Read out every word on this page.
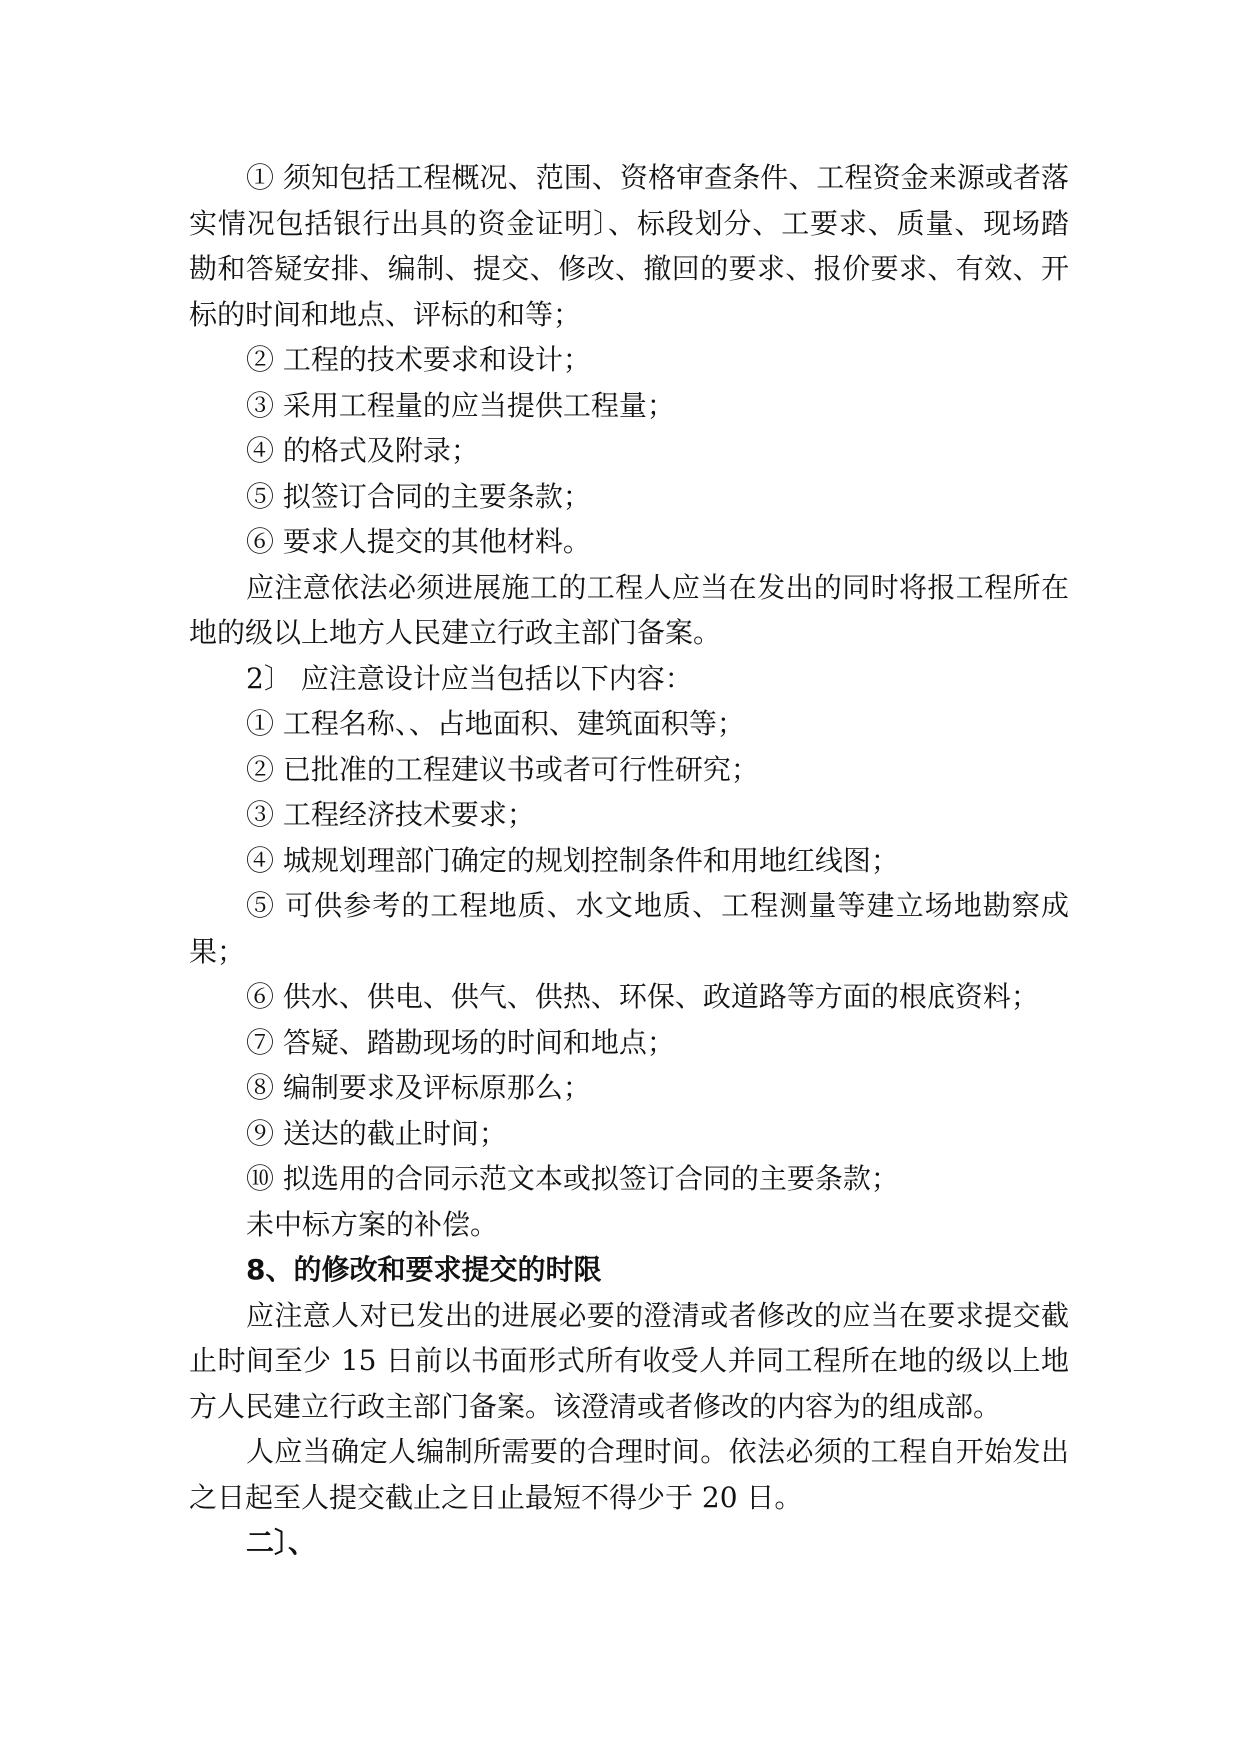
① 须知包括工程概况、范围、资格审查条件、工程资金来源或者落实情况包括银行出具的资金证明〕、标段划分、工要求、质量、现场踏勘和答疑安排、编制、提交、修改、撤回的要求、报价要求、有效、开标的时间和地点、评标的和等；

② 工程的技术要求和设计；

③ 采用工程量的应当提供工程量；

④ 的格式及附录；

⑤ 拟签订合同的主要条款；

⑥ 要求人提交的其他材料。

应注意依法必须进展施工的工程人应当在发出的同时将报工程所在地的级以上地方人民建立行政主部门备案。

2〕 应注意设计应当包括以下内容：

① 工程名称、、占地面积、建筑面积等；

② 已批准的工程建议书或者可行性研究；

③ 工程经济技术要求；

④ 城规划理部门确定的规划控制条件和用地红线图；

⑤ 可供参考的工程地质、水文地质、工程测量等建立场地勘察成果；

⑥ 供水、供电、供气、供热、环保、政道路等方面的根底资料；

⑦ 答疑、踏勘现场的时间和地点；

⑧ 编制要求及评标原那么；

⑨ 送达的截止时间；

⑩ 拟选用的合同示范文本或拟签订合同的主要条款；

未中标方案的补偿。

8、的修改和要求提交的时限

应注意人对已发出的进展必要的澄清或者修改的应当在要求提交截止时间至少 15 日前以书面形式所有收受人并同工程所在地的级以上地方人民建立行政主部门备案。该澄清或者修改的内容为的组成部。

人应当确定人编制所需要的合理时间。依法必须的工程自开始发出之日起至人提交截止之日止最短不得少于 20 日。

二〕、
